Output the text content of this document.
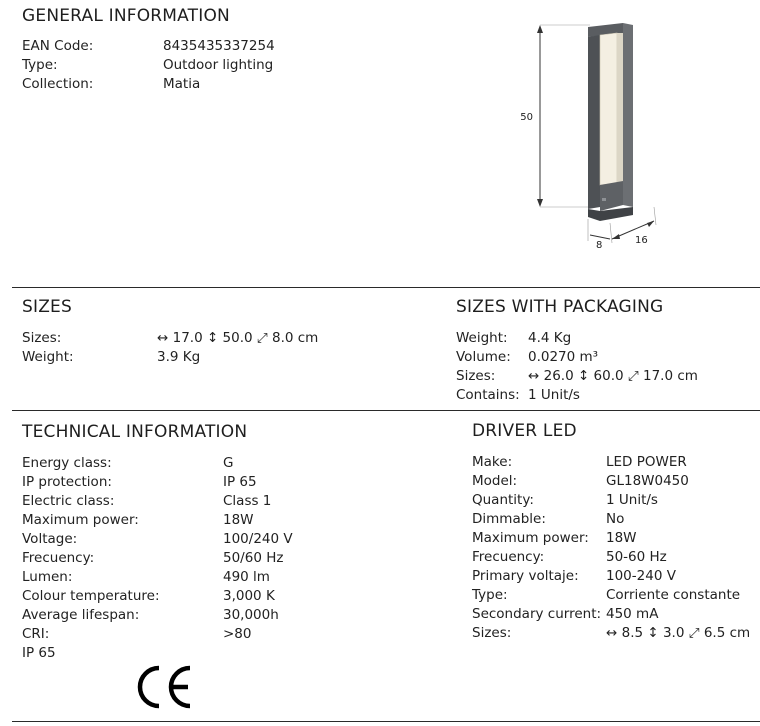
GENERAL INFORMATION
EAN Code:	8435435337254
Type:	Outdoor lighting
Collection:	Matia
50
8	16
SIZES
Sizes:	↔ 17.0 ↕ 50.0 ⤢ 8.0 cm
Weight:	3.9 Kg
SIZES WITH PACKAGING
Weight: 4.4 Kg
Volume: 0.0270 m³
Sizes: ↔ 26.0 ↕ 60.0 ⤢ 17.0 cm
Contains: 1 Unit/s
TECHNICAL INFORMATION
Energy class:	G
IP protection:	IP 65
Electric class:	Class 1
Maximum power:	18W
Voltage:	100/240 V
Frecuency:	50/60 Hz
Lumen:	490 lm
Colour temperature:	3,000 K
Average lifespan:	30,000h
CRI:	>80
IP 65
DRIVER LED
Make:	LED POWER
Model:	GL18W0450
Quantity:	1 Unit/s
Dimmable:	No
Maximum power: 18W
Frecuency:	50-60 Hz
Primary voltaje: 100-240 V
Type:	Corriente constante
Secondary current: 450 mA
Sizes:	↔ 8.5 ↕ 3.0 ⤢ 6.5 cm
